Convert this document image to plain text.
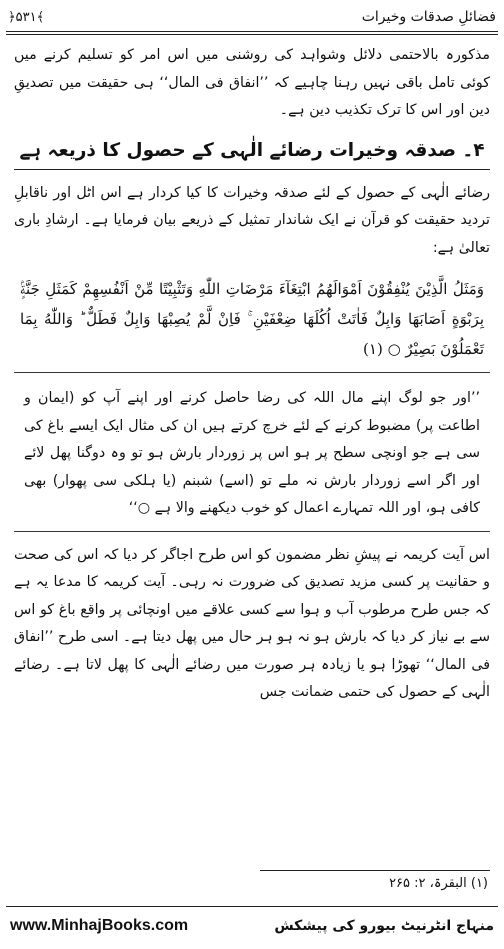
فضائلِ صدقات وخیرات
﴿۵۳۱﴾

مذکورہ بالاحتمی دلائل وشواہد کی روشنی میں اس امر کو تسلیم کرنے میں کوئی تامل باقی نہیں رہنا چاہیے کہ ’’انفاق فی المال‘‘ ہی حقیقت میں تصدیقِ دین اور اس کا ترک تکذیب دین ہے۔

۴۔ صدقہ وخیرات رضائے الٰہی کے حصول کا ذریعہ ہے

رضائے الٰہی کے حصول کے لئے صدقہ وخیرات کا کیا کردار ہے اس اٹل اور ناقابلِ تردید حقیقت کو قرآن نے ایک شاندار تمثیل کے ذریعے بیان فرمایا ہے۔ ارشادِ باری تعالیٰ ہے:

وَمَثَلُ الَّذِيْنَ يُنْفِقُوْنَ اَمْوَالَهُمُ ابْتِغَآءَ مَرْضَاتِ اللّٰهِ وَتَثْبِيْتًا مِّنْ اَنْفُسِهِمْ كَمَثَلِ جَنَّةٍۢ بِرَبْوَةٍ اَصَابَهَا وَابِلٌ فَاٰتَتْ اُكُلَهَا ضِعْفَيْنِ ۚ فَاِنْ لَّمْ يُصِبْهَا وَابِلٌ فَطَلٌّ ؕ وَاللّٰهُ بِمَا تَعْمَلُوْنَ بَصِيْرٌ ○ (۱)
’’اور جو لوگ اپنے مال اللہ کی رضا حاصل کرنے اور اپنے آپ کو (ایمان و اطاعت پر) مضبوط کرنے کے لئے خرچ کرتے ہیں ان کی مثال ایک ایسے باغ کی سی ہے جو اونچی سطح پر ہو اس پر زوردار بارش ہو تو وہ دوگنا پھل لائے اور اگر اسے زوردار بارش نہ ملے تو (اسے) شبنم (یا ہلکی سی پھوار) بھی کافی ہو، اور اللہ تمہارے اعمال کو خوب دیکھنے والا ہے ○‘‘

اس آیت کریمہ نے پیشِ نظر مضمون کو اس طرح اجاگر کر دیا کہ اس کی صحت و حقانیت پر کسی مزید تصدیق کی ضرورت نہ رہی۔ آیت کریمہ کا مدعا یہ ہے کہ جس طرح مرطوب آب و ہوا سے کسی علاقے میں اونچائی پر واقع باغ کو اس سے بے نیاز کر دیا کہ بارش ہو نہ ہو ہر حال میں پھل دیتا ہے۔ اسی طرح ’’انفاق فی المال‘‘ تھوڑا ہو یا زیادہ ہر صورت میں رضائے الٰہی کا پھل لاتا ہے۔ رضائے الٰہی کے حصول کی حتمی ضمانت جس

(۱) البقرۃ، ۲: ۲۶۵
www.MinhajBooks.com	منہاج انٹرنیٹ بیورو کی پیشکش
